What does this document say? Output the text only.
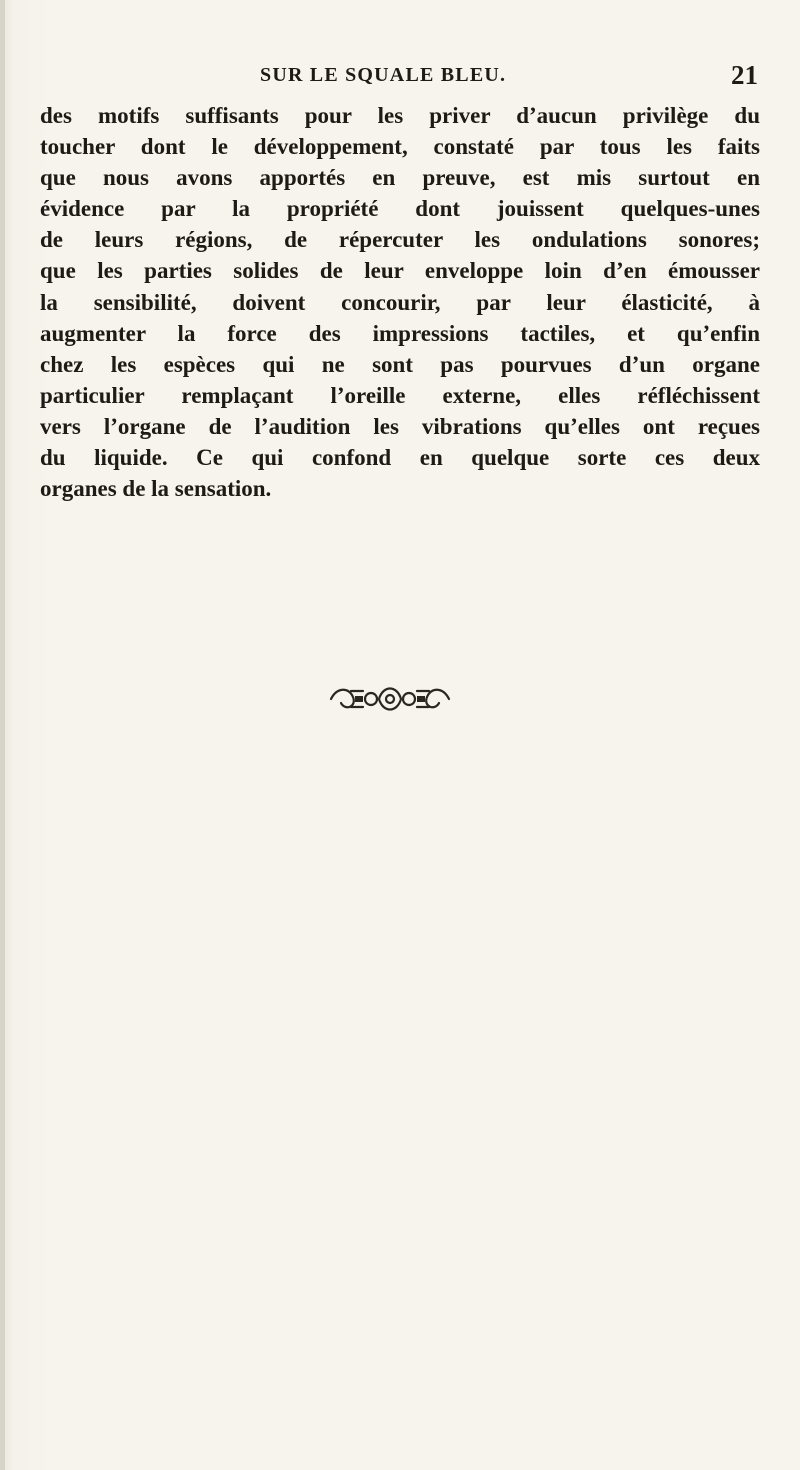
SUR LE SQUALE BLEU.	21
des motifs suffisants pour les priver d’aucun privilège du
toucher dont le développement, constaté par tous les faits
que nous avons apportés en preuve, est mis surtout en
évidence par la propriété dont jouissent quelques-unes
de leurs régions, de répercuter les ondulations sonores;
que les parties solides de leur enveloppe loin d’en émousser
la sensibilité, doivent concourir, par leur élasticité, à
augmenter la force des impressions tactiles, et qu’enfin
chez les espèces qui ne sont pas pourvues d’un organe
particulier remplaçant l’oreille externe, elles réfléchissent
vers l’organe de l’audition les vibrations qu’elles ont reçues
du liquide. Ce qui confond en quelque sorte ces deux
organes de la sensation.
